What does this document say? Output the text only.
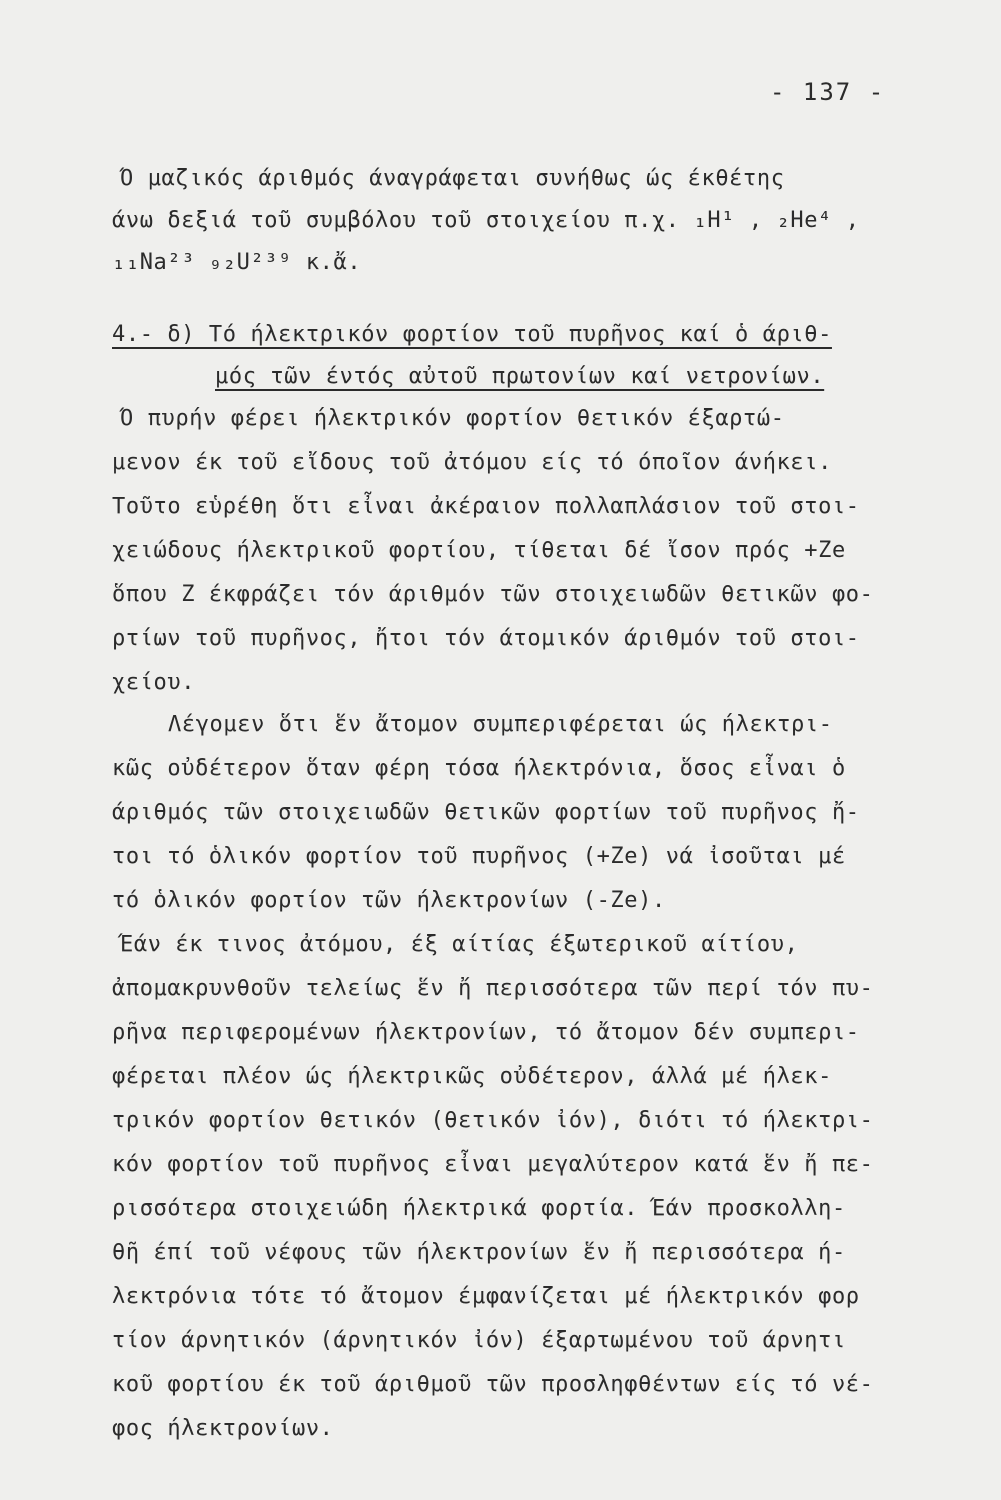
- 137 -
Ό μαζικός άριθμός άναγράφεται συνήθως ώς έκθέτης
άνω δεξιά τοῦ συμβόλου τοῦ στοιχείου π.χ. ₁H¹ , ₂He⁴ ,
₁₁Na²³ ₉₂U²³⁹ κ.ἄ.
4.- δ) Τό ήλεκτρικόν φορτίον τοῦ πυρῆνος καί ὁ άριθ-
μός τῶν έντός αὐτοῦ πρωτονίων καί νετρονίων.
Ό πυρήν φέρει ήλεκτρικόν φορτίον θετικόν έξαρτώ-
μενον έκ τοῦ εἴδους τοῦ ἀτόμου είς τό όποῖον άνήκει.
Τοῦτο εὑρέθη ὅτι εἶναι ἀκέραιον πολλαπλάσιον τοῦ στοι-
χειώδους ήλεκτρικοῦ φορτίου, τίθεται δέ ἴσον πρός +Ze
ὅπου Z έκφράζει τόν άριθμόν τῶν στοιχειωδῶν θετικῶν φο-
ρτίων τοῦ πυρῆνος, ἤτοι τόν άτομικόν άριθμόν τοῦ στοι-
χείου.
Λέγομεν ὅτι ἕν ἄτομον συμπεριφέρεται ώς ήλεκτρι-
κῶς οὐδέτερον ὅταν φέρη τόσα ήλεκτρόνια, ὅσος εἶναι ὁ
άριθμός τῶν στοιχειωδῶν θετικῶν φορτίων τοῦ πυρῆνος ἤ-
τοι τό ὁλικόν φορτίον τοῦ πυρῆνος (+Ze) νά ἰσοῦται μέ
τό ὁλικόν φορτίον τῶν ήλεκτρονίων (-Ze).
Έάν έκ τινος ἀτόμου, έξ αίτίας έξωτερικοῦ αίτίου,
ἀπομακρυνθοῦν τελείως ἕν ἤ περισσότερα τῶν περί τόν πυ-
ρῆνα περιφερομένων ήλεκτρονίων, τό ἄτομον δέν συμπερι-
φέρεται πλέον ώς ήλεκτρικῶς οὐδέτερον, άλλά μέ ήλεκ-
τρικόν φορτίον θετικόν (θετικόν ἰόν), διότι τό ήλεκτρι-
κόν φορτίον τοῦ πυρῆνος εἶναι μεγαλύτερον κατά ἕν ἤ πε-
ρισσότερα στοιχειώδη ήλεκτρικά φορτία. Έάν προσκολλη-
θῆ έπί τοῦ νέφους τῶν ήλεκτρονίων ἕν ἤ περισσότερα ή-
λεκτρόνια τότε τό ἄτομον έμφανίζεται μέ ήλεκτρικόν φορ
τίον άρνητικόν (άρνητικόν ἰόν) έξαρτωμένου τοῦ άρνητι
κοῦ φορτίου έκ τοῦ άριθμοῦ τῶν προσληφθέντων είς τό νέ-
φος ήλεκτρονίων.
